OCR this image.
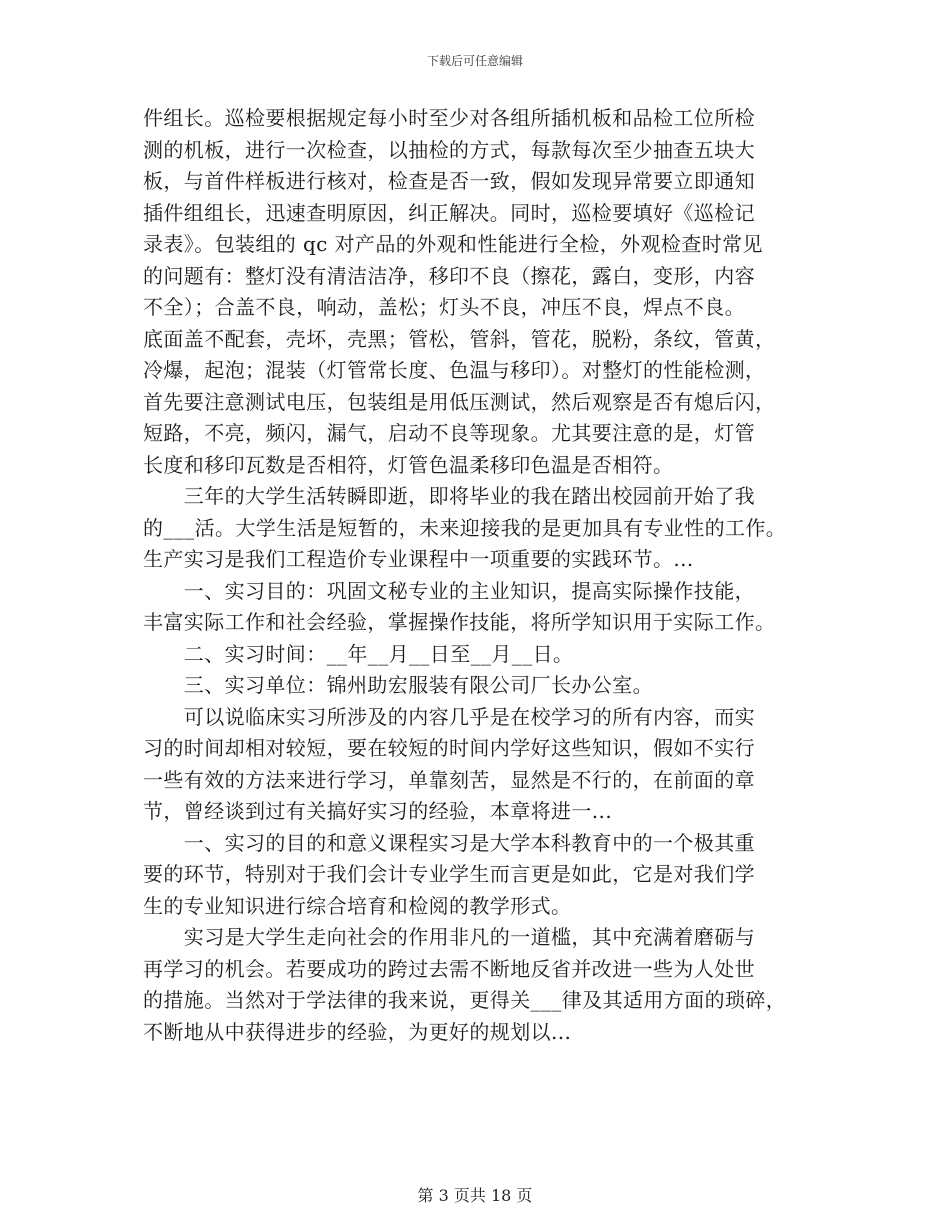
下载后可任意编辑
件组长。巡检要根据规定每小时至少对各组所插机板和品检工位所检
测的机板，进行一次检查，以抽检的方式，每款每次至少抽查五块大
板，与首件样板进行核对，检查是否一致，假如发现异常要立即通知
插件组组长，迅速查明原因，纠正解决。同时，巡检要填好《巡检记
录表》。包装组的 qc 对产品的外观和性能进行全检，外观检查时常见
的问题有：整灯没有清洁洁净，移印不良（擦花，露白，变形，内容
不全）；合盖不良，响动，盖松；灯头不良，冲压不良，焊点不良。
底面盖不配套，壳坏，壳黑；管松，管斜，管花，脱粉，条纹，管黄，
冷爆，起泡；混装（灯管常长度、色温与移印）。对整灯的性能检测，
首先要注意测试电压，包装组是用低压测试，然后观察是否有熄后闪，
短路，不亮，频闪，漏气，启动不良等现象。尤其要注意的是，灯管
长度和移印瓦数是否相符，灯管色温柔移印色温是否相符。
　　三年的大学生活转瞬即逝，即将毕业的我在踏出校园前开始了我
的___活。大学生活是短暂的，未来迎接我的是更加具有专业性的工作。
生产实习是我们工程造价专业课程中一项重要的实践环节。...
　　一、实习目的：巩固文秘专业的主业知识，提高实际操作技能，
丰富实际工作和社会经验，掌握操作技能，将所学知识用于实际工作。
　　二、实习时间：__年__月__日至__月__日。
　　三、实习单位：锦州助宏服装有限公司厂长办公室。
　　可以说临床实习所涉及的内容几乎是在校学习的所有内容，而实
习的时间却相对较短，要在较短的时间内学好这些知识，假如不实行
一些有效的方法来进行学习，单靠刻苦，显然是不行的，在前面的章
节，曾经谈到过有关搞好实习的经验，本章将进一...
　　一、实习的目的和意义课程实习是大学本科教育中的一个极其重
要的环节，特别对于我们会计专业学生而言更是如此，它是对我们学
生的专业知识进行综合培育和检阅的教学形式。
　　实习是大学生走向社会的作用非凡的一道槛，其中充满着磨砺与
再学习的机会。若要成功的跨过去需不断地反省并改进一些为人处世
的措施。当然对于学法律的我来说，更得关___律及其适用方面的琐碎，
不断地从中获得进步的经验，为更好的规划以...
第 3 页共 18 页
